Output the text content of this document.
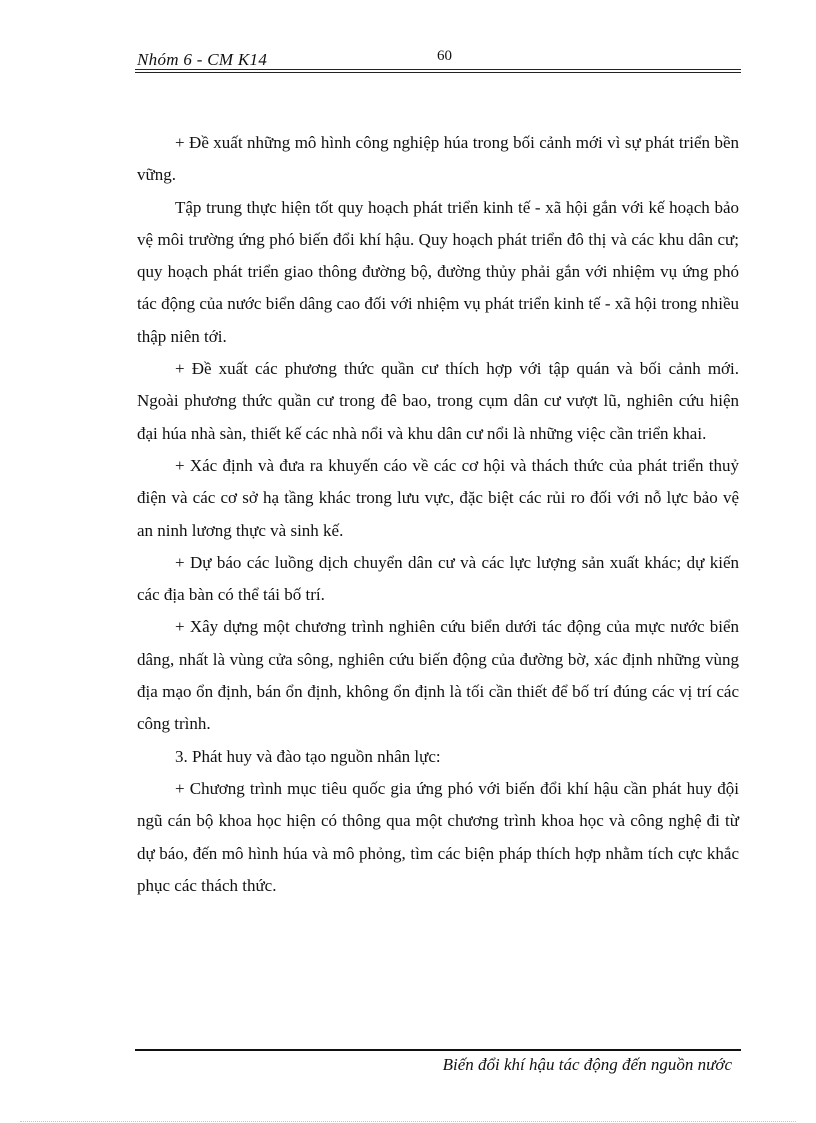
Nhóm 6 - CM K14	60

+ Đề xuất những mô hình công nghiệp húa trong bối cảnh mới vì sự phát triển bền vững.

Tập trung thực hiện tốt quy hoạch phát triển kinh tế - xã hội gắn với kế hoạch bảo vệ môi trường ứng phó biến đổi khí hậu. Quy hoạch phát triển đô thị và các khu dân cư; quy hoạch phát triển giao thông đường bộ, đường thủy phải gắn với nhiệm vụ ứng phó tác động của nước biển dâng cao đối với nhiệm vụ phát triển kinh tế - xã hội trong nhiều thập niên tới.

+ Đề xuất các phương thức quần cư thích hợp với tập quán và bối cảnh mới. Ngoài phương thức quần cư trong đê bao, trong cụm dân cư vượt lũ, nghiên cứu hiện đại húa nhà sàn, thiết kế các nhà nổi và khu dân cư nổi là những việc cần triển khai.

+ Xác định và đưa ra khuyến cáo về các cơ hội và thách thức của phát triển thuỷ điện và các cơ sở hạ tầng khác trong lưu vực, đặc biệt các rủi ro đối với nỗ lực bảo vệ an ninh lương thực và sinh kế.

+ Dự báo các luồng dịch chuyển dân cư và các lực lượng sản xuất khác; dự kiến các địa bàn có thể tái bố trí.

+ Xây dựng một chương trình nghiên cứu biển dưới tác động của mực nước biển dâng, nhất là vùng cửa sông, nghiên cứu biến động của đường bờ, xác định những vùng địa mạo ổn định, bán ổn định, không ổn định là tối cần thiết để bố trí đúng các vị trí các công trình.

3. Phát huy và đào tạo nguồn nhân lực:

+ Chương trình mục tiêu quốc gia ứng phó với biến đổi khí hậu cần phát huy đội ngũ cán bộ khoa học hiện có thông qua một chương trình khoa học và công nghệ đi từ dự báo, đến mô hình húa và mô phỏng, tìm các biện pháp thích hợp nhằm tích cực khắc phục các thách thức.

Biến đổi khí hậu tác động đến nguồn nước
